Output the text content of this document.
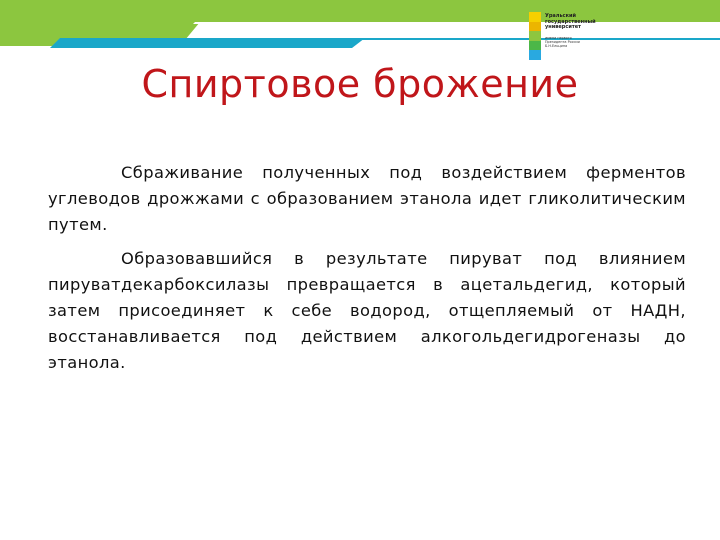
Уральский государственный университет
имени первого Президента России Б.Н.Ельцина
Спиртовое брожение

Сбраживание полученных под воздействием ферментов углеводов дрожжами с образованием этанола идет гликолитическим путем.

Образовавшийся в результате пируват под влиянием пируватдекарбоксилазы превращается в ацетальдегид, который затем присоединяет к себе водород, отщепляемый от НАДН, восстанавливается под действием алкогольдегидрогеназы до этанола.
